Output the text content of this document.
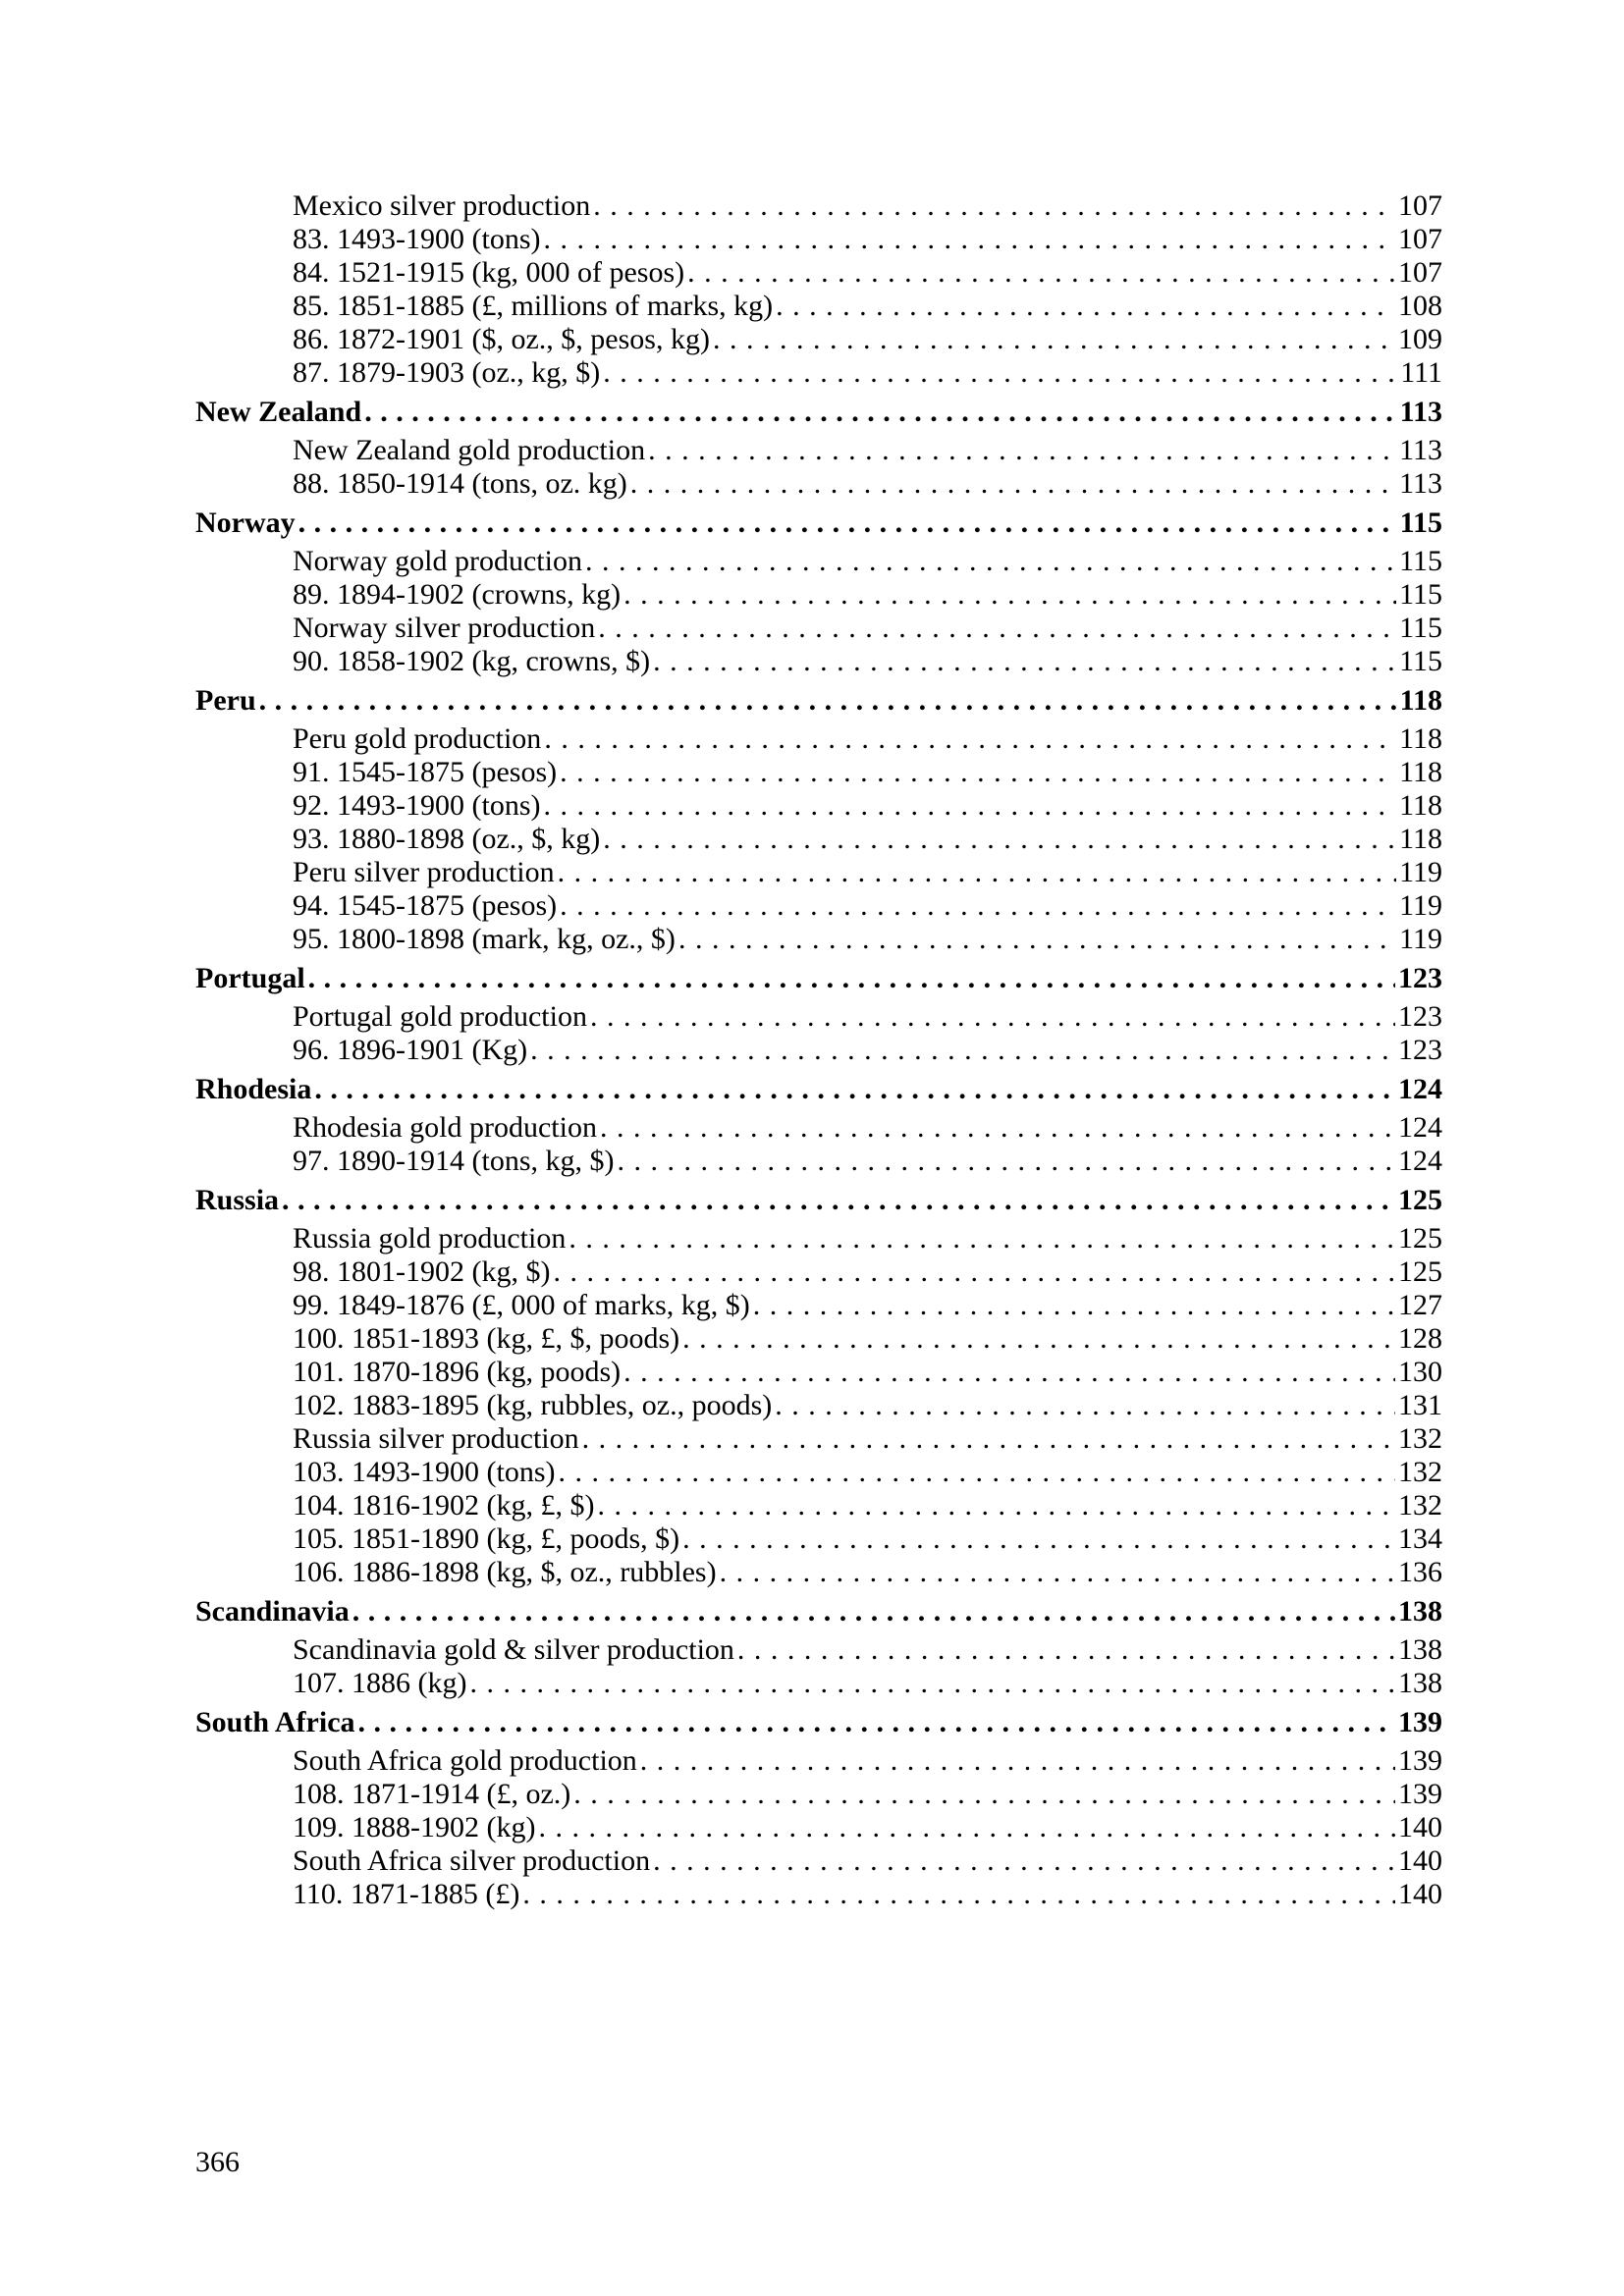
Mexico silver production . . .	107
83. 1493-1900 (tons) . . .	107
84. 1521-1915 (kg, 000 of pesos) . . .	107
85. 1851-1885 (£, millions of marks, kg) . . .	108
86. 1872-1901 ($, oz., $, pesos, kg) . . .	109
87. 1879-1903 (oz., kg, $) . . .	111
New Zealand . . .	113
New Zealand gold production . . .	113
88. 1850-1914 (tons, oz. kg) . . .	113
Norway . . .	115
Norway gold production . . .	115
89. 1894-1902 (crowns, kg) . . .	115
Norway silver production . . .	115
90. 1858-1902 (kg, crowns, $) . . .	115
Peru . . .	118
Peru gold production . . .	118
91. 1545-1875 (pesos) . . .	118
92. 1493-1900 (tons) . . .	118
93. 1880-1898 (oz., $, kg) . . .	118
Peru silver production . . .	119
94. 1545-1875 (pesos) . . .	119
95. 1800-1898 (mark, kg, oz., $) . . .	119
Portugal . . .	123
Portugal gold production . . .	123
96. 1896-1901 (Kg) . . .	123
Rhodesia . . .	124
Rhodesia gold production . . .	124
97. 1890-1914 (tons, kg, $) . . .	124
Russia . . .	125
Russia gold production . . .	125
98. 1801-1902 (kg, $) . . .	125
99. 1849-1876 (£, 000 of marks, kg, $) . . .	127
100. 1851-1893 (kg, £, $, poods) . . .	128
101. 1870-1896 (kg, poods) . . .	130
102. 1883-1895 (kg, rubbles, oz., poods) . . .	131
Russia silver production . . .	132
103. 1493-1900 (tons) . . .	132
104. 1816-1902 (kg, £, $) . . .	132
105. 1851-1890 (kg, £, poods, $) . . .	134
106. 1886-1898 (kg, $, oz., rubbles) . . .	136
Scandinavia . . .	138
Scandinavia gold & silver production . . .	138
107. 1886 (kg) . . .	138
South Africa . . .	139
South Africa gold production . . .	139
108. 1871-1914 (£, oz.) . . .	139
109. 1888-1902 (kg) . . .	140
South Africa silver production . . .	140
110. 1871-1885 (£) . . .	140
366
